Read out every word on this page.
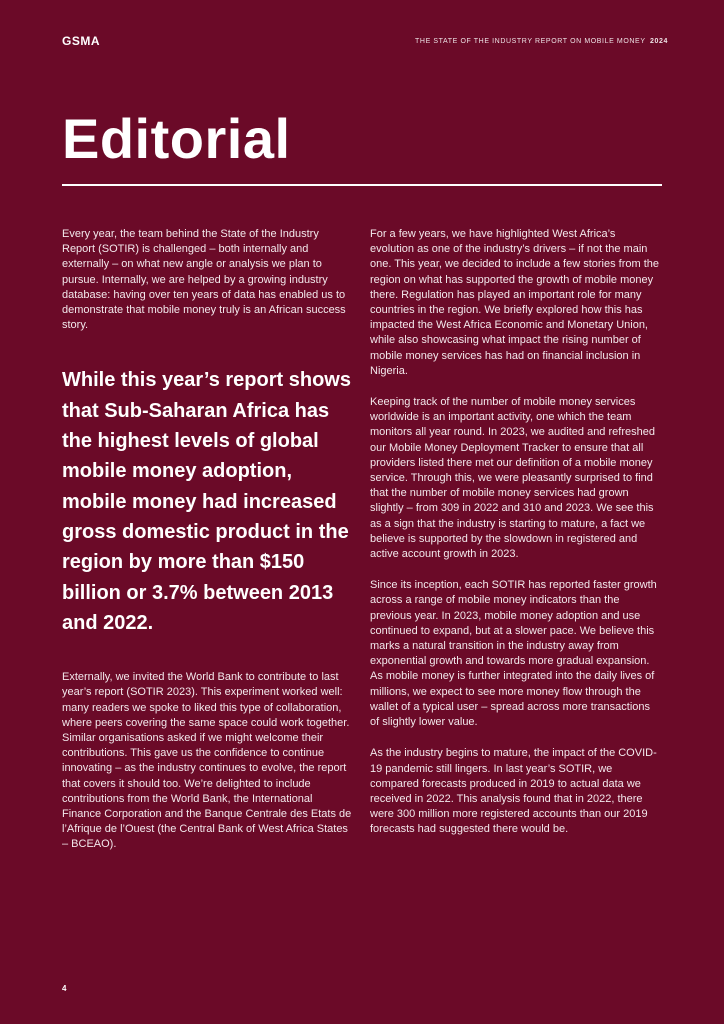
GSMA	THE STATE OF THE INDUSTRY REPORT ON MOBILE MONEY 2024
Editorial

Every year, the team behind the State of the Industry Report (SOTIR) is challenged – both internally and externally – on what new angle or analysis we plan to pursue. Internally, we are helped by a growing industry database: having over ten years of data has enabled us to demonstrate that mobile money truly is an African success story.

While this year’s report shows that Sub-Saharan Africa has the highest levels of global mobile money adoption, mobile money had increased gross domestic product in the region by more than $150 billion or 3.7% between 2013 and 2022.

Externally, we invited the World Bank to contribute to last year’s report (SOTIR 2023). This experiment worked well: many readers we spoke to liked this type of collaboration, where peers covering the same space could work together. Similar organisations asked if we might welcome their contributions. This gave us the confidence to continue innovating – as the industry continues to evolve, the report that covers it should too. We’re delighted to include contributions from the World Bank, the International Finance Corporation and the Banque Centrale des Etats de l’Afrique de l’Ouest (the Central Bank of West Africa States – BCEAO).

For a few years, we have highlighted West Africa’s evolution as one of the industry’s drivers – if not the main one. This year, we decided to include a few stories from the region on what has supported the growth of mobile money there. Regulation has played an important role for many countries in the region. We briefly explored how this has impacted the West Africa Economic and Monetary Union, while also showcasing what impact the rising number of mobile money services has had on financial inclusion in Nigeria.

Keeping track of the number of mobile money services worldwide is an important activity, one which the team monitors all year round. In 2023, we audited and refreshed our Mobile Money Deployment Tracker to ensure that all providers listed there met our definition of a mobile money service. Through this, we were pleasantly surprised to find that the number of mobile money services had grown slightly – from 309 in 2022 and 310 and 2023. We see this as a sign that the industry is starting to mature, a fact we believe is supported by the slowdown in registered and active account growth in 2023.

Since its inception, each SOTIR has reported faster growth across a range of mobile money indicators than the previous year. In 2023, mobile money adoption and use continued to expand, but at a slower pace. We believe this marks a natural transition in the industry away from exponential growth and towards more gradual expansion. As mobile money is further integrated into the daily lives of millions, we expect to see more money flow through the wallet of a typical user – spread across more transactions of slightly lower value.

As the industry begins to mature, the impact of the COVID-19 pandemic still lingers. In last year’s SOTIR, we compared forecasts produced in 2019 to actual data we received in 2022. This analysis found that in 2022, there were 300 million more registered accounts than our 2019 forecasts had suggested there would be.

4
